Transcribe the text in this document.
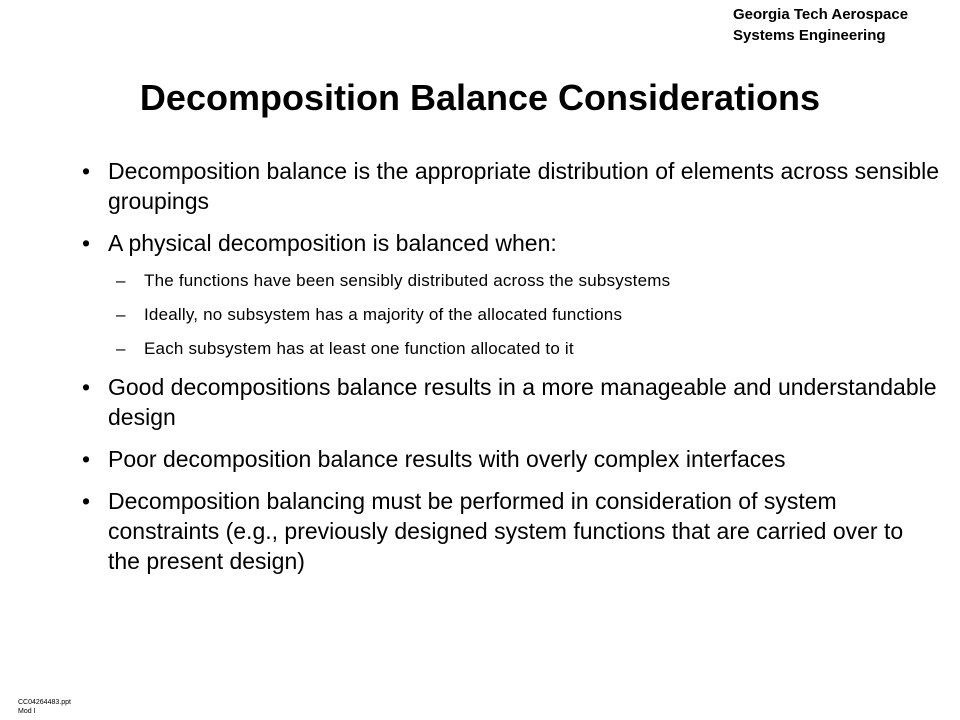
Georgia Tech Aerospace
Systems Engineering
Decomposition Balance Considerations
• Decomposition balance is the appropriate distribution of elements across sensible groupings
• A physical decomposition is balanced when:
– The functions have been sensibly distributed across the subsystems
– Ideally, no subsystem has a majority of the allocated functions
– Each subsystem has at least one function allocated to it
• Good decompositions balance results in a more manageable and understandable design
• Poor decomposition balance results with overly complex interfaces
• Decomposition balancing must be performed in consideration of system constraints (e.g., previously designed system functions that are carried over to the present design)
CC04264483.ppt
Mod I
